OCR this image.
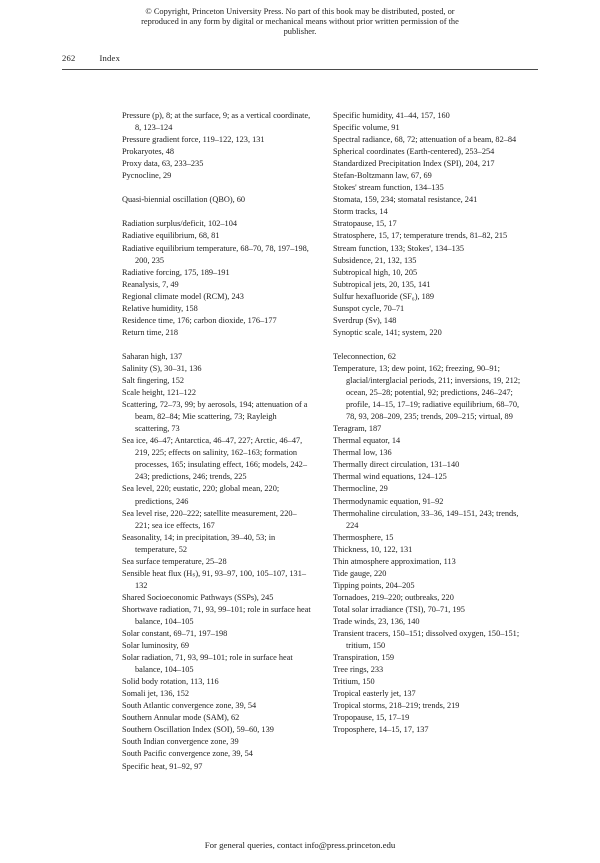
© Copyright, Princeton University Press. No part of this book may be distributed, posted, or reproduced in any form by digital or mechanical means without prior written permission of the publisher.
262	Index
Pressure (p), 8; at the surface, 9; as a vertical coordinate, 8, 123–124
Pressure gradient force, 119–122, 123, 131
Prokaryotes, 48
Proxy data, 63, 233–235
Pycnocline, 29
Quasi-biennial oscillation (QBO), 60
Radiation surplus/deficit, 102–104
Radiative equilibrium, 68, 81
Radiative equilibrium temperature, 68–70, 78, 197–198, 200, 235
Radiative forcing, 175, 189–191
Reanalysis, 7, 49
Regional climate model (RCM), 243
Relative humidity, 158
Residence time, 176; carbon dioxide, 176–177
Return time, 218
Saharan high, 137
Salinity (S), 30–31, 136
Salt fingering, 152
Scale height, 121–122
Scattering, 72–73, 99; by aerosols, 194; attenuation of a beam, 82–84; Mie scattering, 73; Rayleigh scattering, 73
Sea ice, 46–47; Antarctica, 46–47, 227; Arctic, 46–47, 219, 225; effects on salinity, 162–163; formation processes, 165; insulating effect, 166; models, 242–243; predictions, 246; trends, 225
Sea level, 220; eustatic, 220; global mean, 220; predictions, 246
Sea level rise, 220–222; satellite measurement, 220–221; sea ice effects, 167
Seasonality, 14; in precipitation, 39–40, 53; in temperature, 52
Sea surface temperature, 25–28
Sensible heat flux (Hₛ), 91, 93–97, 100, 105–107, 131–132
Shared Socioeconomic Pathways (SSPs), 245
Shortwave radiation, 71, 93, 99–101; role in surface heat balance, 104–105
Solar constant, 69–71, 197–198
Solar luminosity, 69
Solar radiation, 71, 93, 99–101; role in surface heat balance, 104–105
Solid body rotation, 113, 116
Somali jet, 136, 152
South Atlantic convergence zone, 39, 54
Southern Annular mode (SAM), 62
Southern Oscillation Index (SOI), 59–60, 139
South Indian convergence zone, 39
South Pacific convergence zone, 39, 54
Specific heat, 91–92, 97
Specific humidity, 41–44, 157, 160
Specific volume, 91
Spectral radiance, 68, 72; attenuation of a beam, 82–84
Spherical coordinates (Earth-centered), 253–254
Standardized Precipitation Index (SPI), 204, 217
Stefan-Boltzmann law, 67, 69
Stokes' stream function, 134–135
Stomata, 159, 234; stomatal resistance, 241
Storm tracks, 14
Stratopause, 15, 17
Stratosphere, 15, 17; temperature trends, 81–82, 215
Stream function, 133; Stokes', 134–135
Subsidence, 21, 132, 135
Subtropical high, 10, 205
Subtropical jets, 20, 135, 141
Sulfur hexafluoride (SF₆), 189
Sunspot cycle, 70–71
Sverdrup (Sv), 148
Synoptic scale, 141; system, 220
Teleconnection, 62
Temperature, 13; dew point, 162; freezing, 90–91; glacial/interglacial periods, 211; inversions, 19, 212; ocean, 25–28; potential, 92; predictions, 246–247; profile, 14–15, 17–19; radiative equilibrium, 68–70, 78, 93, 208–209, 235; trends, 209–215; virtual, 89
Teragram, 187
Thermal equator, 14
Thermal low, 136
Thermally direct circulation, 131–140
Thermal wind equations, 124–125
Thermocline, 29
Thermodynamic equation, 91–92
Thermohaline circulation, 33–36, 149–151, 243; trends, 224
Thermosphere, 15
Thickness, 10, 122, 131
Thin atmosphere approximation, 113
Tide gauge, 220
Tipping points, 204–205
Tornadoes, 219–220; outbreaks, 220
Total solar irradiance (TSI), 70–71, 195
Trade winds, 23, 136, 140
Transient tracers, 150–151; dissolved oxygen, 150–151; tritium, 150
Transpiration, 159
Tree rings, 233
Tritium, 150
Tropical easterly jet, 137
Tropical storms, 218–219; trends, 219
Tropopause, 15, 17–19
Troposphere, 14–15, 17, 137
For general queries, contact info@press.princeton.edu
